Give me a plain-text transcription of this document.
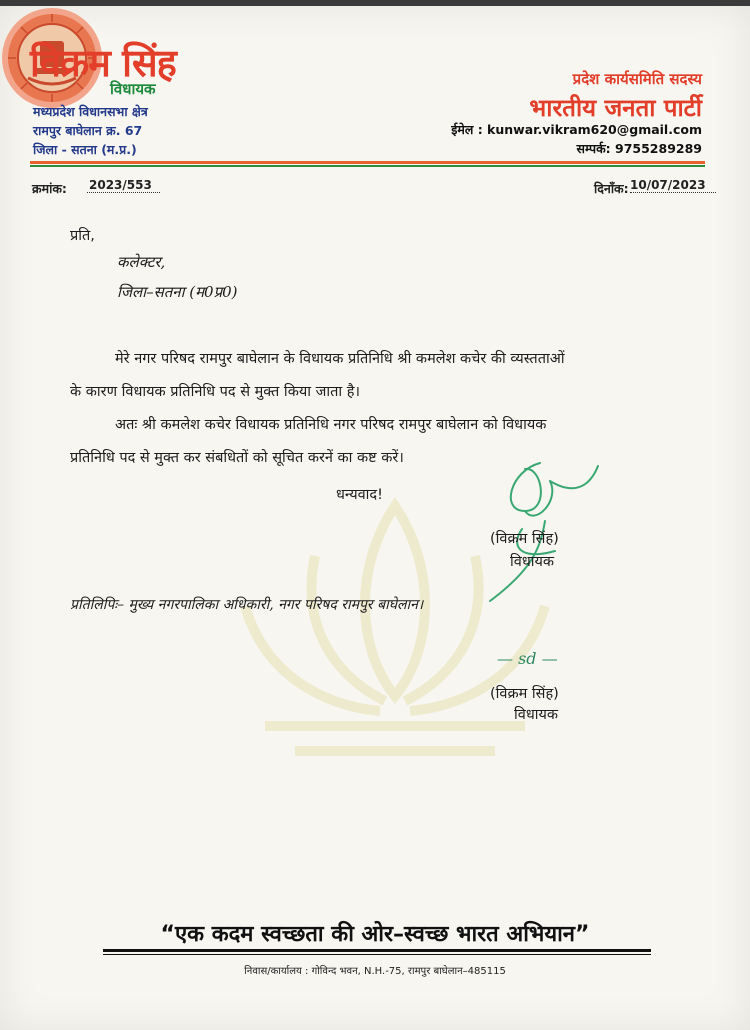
विक्रम सिंह
विधायक
मध्यप्रदेश विधानसभा क्षेत्र
रामपुर बाघेलान क्र. 67
जिला - सतना (म.प्र.)
प्रदेश कार्यसमिति सदस्य
भारतीय जनता पार्टी
ईमेल : kunwar.vikram620@gmail.com
सम्पर्क: 9755289289
क्रमांक: 2023/553	दिनाँक: 10/07/2023
प्रति,
कलेक्टर,
जिला–सतना (म0प्र0)
मेरे नगर परिषद रामपुर बाघेलान के विधायक प्रतिनिधि श्री कमलेश कचेर की व्यस्तताओं
के कारण विधायक प्रतिनिधि पद से मुक्त किया जाता है।
अतः श्री कमलेश कचेर विधायक प्रतिनिधि नगर परिषद रामपुर बाघेलान को विधायक
प्रतिनिधि पद से मुक्त कर संबधितों को सूचित करनें का कष्ट करें।
धन्यवाद!
(विक्रम सिंह)
विधायक
प्रतिलिपिः– मुख्य नगरपालिका अधिकारी, नगर परिषद रामपुर बाघेलान।
— sd —
(विक्रम सिंह)
विधायक
“एक कदम स्वच्छता की ओर–स्वच्छ भारत अभियान”
निवास/कार्यालय : गोविन्द भवन, N.H.-75, रामपुर बाघेलान–485115
